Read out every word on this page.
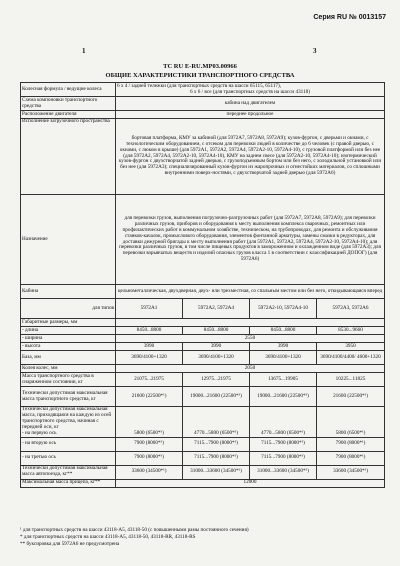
Серия RU № 0013157
1	3
TC RU E-RU.MP03.00966
ОБЩИЕ ХАРАКТЕРИСТИКИ ТРАНСПОРТНОГО СРЕДСТВА
Колесная формула / ведущие колеса	6 x 4 / задней тележки (для транспортных средств на шасси 65115, 65117),

6 x 6 / все (для транспортных средств на шасси 43118)			

Схема компоновки транспортного средства	кабина над двигателем			
Расположение двигателя	переднее продольное			
Исполнение загрузочного пространства	бортовая платформа, КМУ за кабиной (для 5972А7, 5972А8, 5972А9); кузов-фургон, с дверьми и окнами, с технологическим оборудованием, с отсеком для перевозки людей в количестве до 6 человек (с правой дверью, с окнами, с люком в крыше) (для 5972А1, 5972А2, 5972А4, 5972А2-10, 5972А4-10), с грузовой платформой или без нее (для 5972А2, 5972А4, 5972А2-10, 5972А4-10), КМУ на заднем свесе (для 5972А2-10, 5972А4-10); изотермический кузов-фургон с двухстворчатой задней дверью, с грузоподъемным бортом или без него, с холодильной установкой или без нее (для 5972А3); специализированный кузов-фургон из жаропрочных и огнестойких материалов, со сплошными внутренними поверх-ностями, с двухстворчатой задней дверью (для 5972А6)			
Назначение	для перевозки грузов, выполнения погрузочно-разгрузочных работ (для 5972А7, 5972А8, 5972А9); для перевозки различных грузов, приборов и оборудования к месту выполнения комплекса сварочных, ремонтных или профилактических работ в коммунальном хозяйстве, техническом, на трубопроводах, для ремонта и обслуживания станков-качалок, промыслового оборудования, элементов фонтанной арматуры, замены смазки в редукторах, для доставки дежурной бригады к месту выполнения работ (для 5972А1, 5972А2, 5972А4, 5972А2-10, 5972А4-10); для перевозки различных грузов, в том числе пищевых продуктов в замороженном и охлажденном виде (для 5972А3); для перевозки взрывчатых веществ и изделий опасных грузов класса 1 в соответствии с классификацией ДОПОГ) (для 5972А6)			
Кабина	цельнометаллическая, двухдверная, двух- или трехместная, со спальным местом или без него, откидывающаяся вперед			
для типов	5972А1	5972А2, 5972А4	5972А2-10, 5972А4-10	5972А3, 5972А6
Габаритные размеры, мм				
- длина	8450...8800	8450...8800	8450...8800	8530...9660
- ширина	2550			
- высота	3990	3990	3990	3950
База, мм	3690/4100+1320	3690/4100+1320	3690/4100+1320	3690/4100/4400/ 4600+1320
Колея колес, мм	2050			
Масса транспортного средства в снаряженном состоянии, кг	21075...21975	12975...21975	13675...19905	10225...11825
Технически допустимая максимальная масса транспортного средства, кг	21600 (22500*¹)	19000...21600 (22500*¹)	19000...21600 (22500*¹)	21600 (22500*¹)
Технически допустимая максимальная масса, приходящаяся на каждую из осей транспортного средства, начиная с передней оси, кг
- на первую ось	5800 (6500*¹)	4770...5800 (6500*¹)	4770...5800 (6500*¹)	5800 (6500*¹)
- на вторую ось	7900 (8000*¹)	7115...7900 (8000*¹)	7115...7900 (8000*¹)	7900 (8000*¹)
- на третью ось	7900 (8000*¹)	7115...7900 (8000*¹)	7115...7900 (8000*¹)	7900 (8000*¹)
Технически допустимая максимальная масса автопоезда, кг**	33600 (34500*¹)	31000...33600 (34500*¹)	31000...33600 (34500*¹)	33600 (34500*¹)
Максимальная масса прицепа, кг**	12000			
¹ для транспортных средств на шасси 43118-A5, 43118-50 (с повышенными рамы постоянного сечения)
* для транспортных средств на шасси 43118-A5, 43118-50, 43118-RR, 43118-RS
** буксировка для 5972А6 не предусмотрена
